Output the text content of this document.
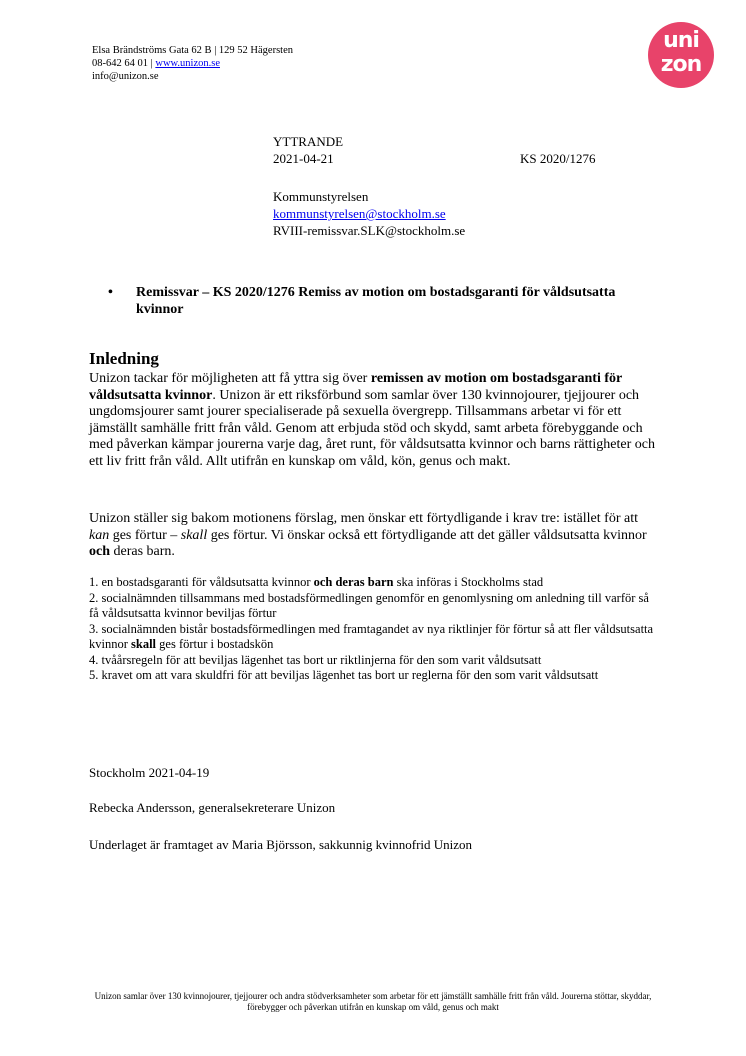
Elsa Brändströms Gata 62 B | 129 52 Hägersten
08-642 64 01 | www.unizon.se
info@unizon.se
uni
zon
YTTRANDE
2021-04-21	KS 2020/1276
Kommunstyrelsen
kommunstyrelsen@stockholm.se
RVIII-remissvar.SLK@stockholm.se
• Remissvar – KS 2020/1276 Remiss av motion om bostadsgaranti för våldsutsatta kvinnor
Inledning
Unizon tackar för möjligheten att få yttra sig över remissen av motion om bostadsgaranti för våldsutsatta kvinnor. Unizon är ett riksförbund som samlar över 130 kvinnojourer, tjejjourer och ungdomsjourer samt jourer specialiserade på sexuella övergrepp. Tillsammans arbetar vi för ett jämställt samhälle fritt från våld. Genom att erbjuda stöd och skydd, samt arbeta förebyggande och med påverkan kämpar jourerna varje dag, året runt, för våldsutsatta kvinnor och barns rättigheter och ett liv fritt från våld. Allt utifrån en kunskap om våld, kön, genus och makt.
Unizon ställer sig bakom motionens förslag, men önskar ett förtydligande i krav tre: istället för att kan ges förtur – skall ges förtur. Vi önskar också ett förtydligande att det gäller våldsutsatta kvinnor och deras barn.
1. en bostadsgaranti för våldsutsatta kvinnor och deras barn ska införas i Stockholms stad
2. socialnämnden tillsammans med bostadsförmedlingen genomför en genomlysning om anledning till varför så få våldsutsatta kvinnor beviljas förtur
3. socialnämnden bistår bostadsförmedlingen med framtagandet av nya riktlinjer för förtur så att fler våldsutsatta kvinnor skall ges förtur i bostadskön
4. tvåårsregeln för att beviljas lägenhet tas bort ur riktlinjerna för den som varit våldsutsatt
5. kravet om att vara skuldfri för att beviljas lägenhet tas bort ur reglerna för den som varit våldsutsatt
Stockholm 2021-04-19
Rebecka Andersson, generalsekreterare Unizon
Underlaget är framtaget av Maria Björsson, sakkunnig kvinnofrid Unizon
Unizon samlar över 130 kvinnojourer, tjejjourer och andra stödverksamheter som arbetar för ett jämställt samhälle fritt från våld. Jourerna stöttar, skyddar, förebygger och påverkan utifrån en kunskap om våld, genus och makt
